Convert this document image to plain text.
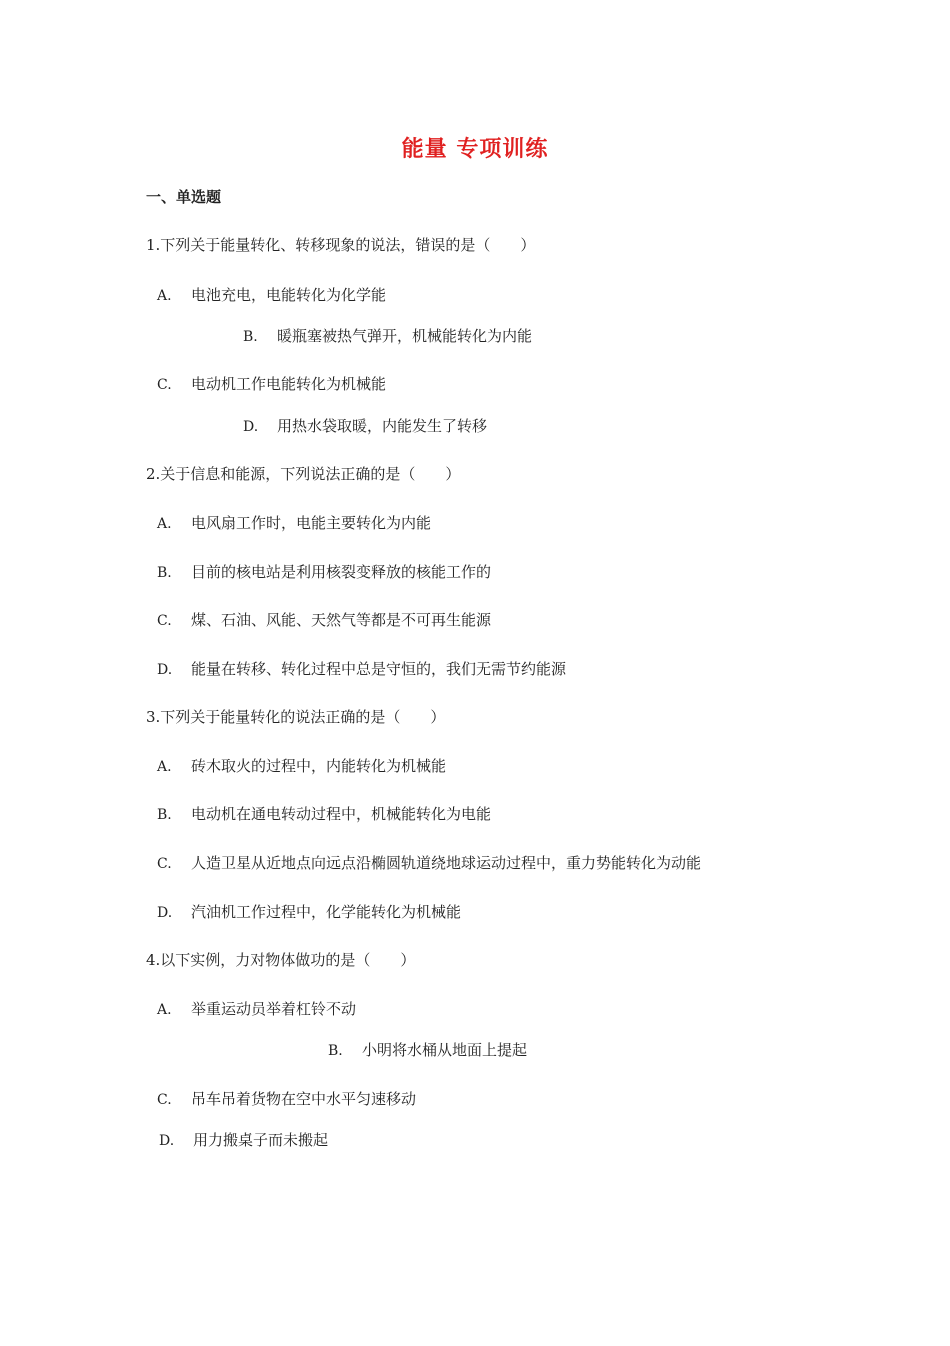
能量 专项训练
一、单选题
1.下列关于能量转化、转移现象的说法，错误的是（　　）
A. 电池充电，电能转化为化学能
B. 暖瓶塞被热气弹开，机械能转化为内能
C. 电动机工作电能转化为机械能
D. 用热水袋取暖，内能发生了转移
2.关于信息和能源，下列说法正确的是（　　）
A. 电风扇工作时，电能主要转化为内能
B. 目前的核电站是利用核裂变释放的核能工作的
C. 煤、石油、风能、天然气等都是不可再生能源
D. 能量在转移、转化过程中总是守恒的，我们无需节约能源
3.下列关于能量转化的说法正确的是（　　）
A. 砖木取火的过程中，内能转化为机械能
B. 电动机在通电转动过程中，机械能转化为电能
C. 人造卫星从近地点向远点沿椭圆轨道绕地球运动过程中，重力势能转化为动能
D. 汽油机工作过程中，化学能转化为机械能
4.以下实例，力对物体做功的是（　　）
A. 举重运动员举着杠铃不动
B. 小明将水桶从地面上提起
C. 吊车吊着货物在空中水平匀速移动
D. 用力搬桌子而未搬起
